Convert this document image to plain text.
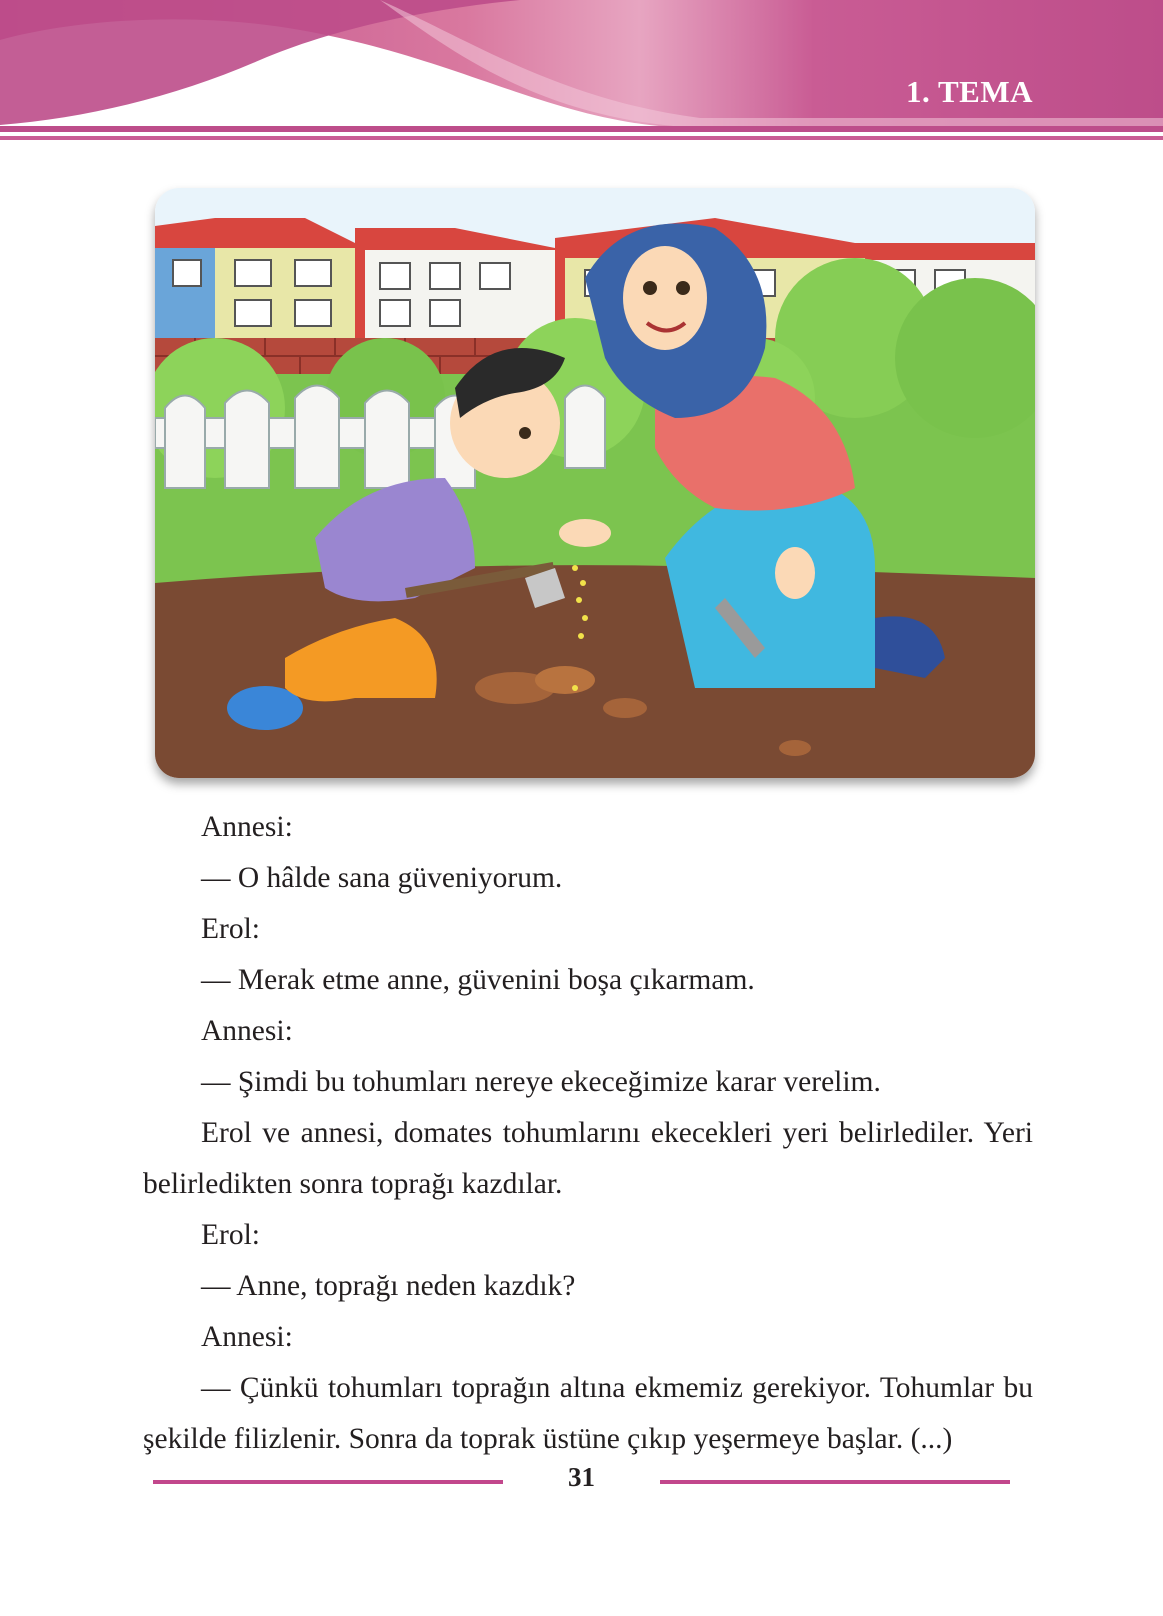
1. TEMA

Annesi:

— O hâlde sana güveniyorum.

Erol:

— Merak etme anne, güvenini boşa çıkarmam.

Annesi:

— Şimdi bu tohumları nereye ekeceğimize karar verelim.

Erol ve annesi, domates tohumlarını ekecekleri yeri belirlediler. Yeri belirledikten sonra toprağı kazdılar.

Erol:

— Anne, toprağı neden kazdık?

Annesi:

— Çünkü tohumları toprağın altına ekmemiz gerekiyor. Tohumlar bu şekilde filizlenir. Sonra da toprak üstüne çıkıp yeşermeye başlar. (...)

31
